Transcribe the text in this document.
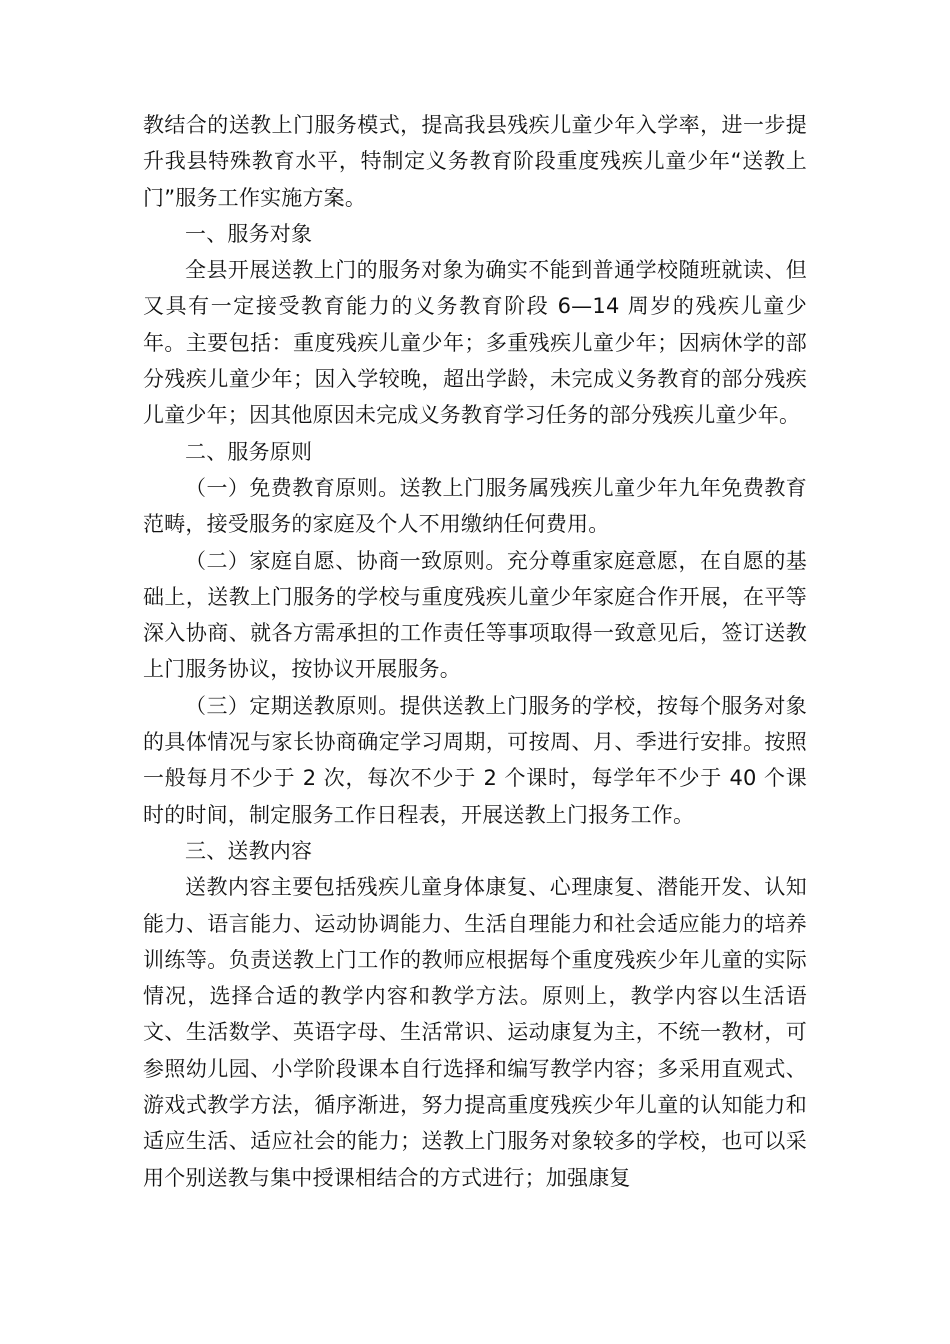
教结合的送教上门服务模式，提高我县残疾儿童少年入学率，进一步提升我县特殊教育水平，特制定义务教育阶段重度残疾儿童少年“送教上门”服务工作实施方案。

一、服务对象

全县开展送教上门的服务对象为确实不能到普通学校随班就读、但又具有一定接受教育能力的义务教育阶段 6—14 周岁的残疾儿童少年。主要包括：重度残疾儿童少年；多重残疾儿童少年；因病休学的部分残疾儿童少年；因入学较晚，超出学龄，未完成义务教育的部分残疾儿童少年；因其他原因未完成义务教育学习任务的部分残疾儿童少年。

二、服务原则

（一）免费教育原则。送教上门服务属残疾儿童少年九年免费教育范畴，接受服务的家庭及个人不用缴纳任何费用。

（二）家庭自愿、协商一致原则。充分尊重家庭意愿，在自愿的基础上，送教上门服务的学校与重度残疾儿童少年家庭合作开展，在平等深入协商、就各方需承担的工作责任等事项取得一致意见后，签订送教上门服务协议，按协议开展服务。

（三）定期送教原则。提供送教上门服务的学校，按每个服务对象的具体情况与家长协商确定学习周期，可按周、月、季进行安排。按照一般每月不少于 2 次，每次不少于 2 个课时，每学年不少于 40 个课时的时间，制定服务工作日程表，开展送教上门报务工作。

三、送教内容

送教内容主要包括残疾儿童身体康复、心理康复、潜能开发、认知能力、语言能力、运动协调能力、生活自理能力和社会适应能力的培养训练等。负责送教上门工作的教师应根据每个重度残疾少年儿童的实际情况，选择合适的教学内容和教学方法。原则上，教学内容以生活语文、生活数学、英语字母、生活常识、运动康复为主，不统一教材，可参照幼儿园、小学阶段课本自行选择和编写教学内容；多采用直观式、游戏式教学方法，循序渐进，努力提高重度残疾少年儿童的认知能力和适应生活、适应社会的能力；送教上门服务对象较多的学校，也可以采用个别送教与集中授课相结合的方式进行；加强康复
